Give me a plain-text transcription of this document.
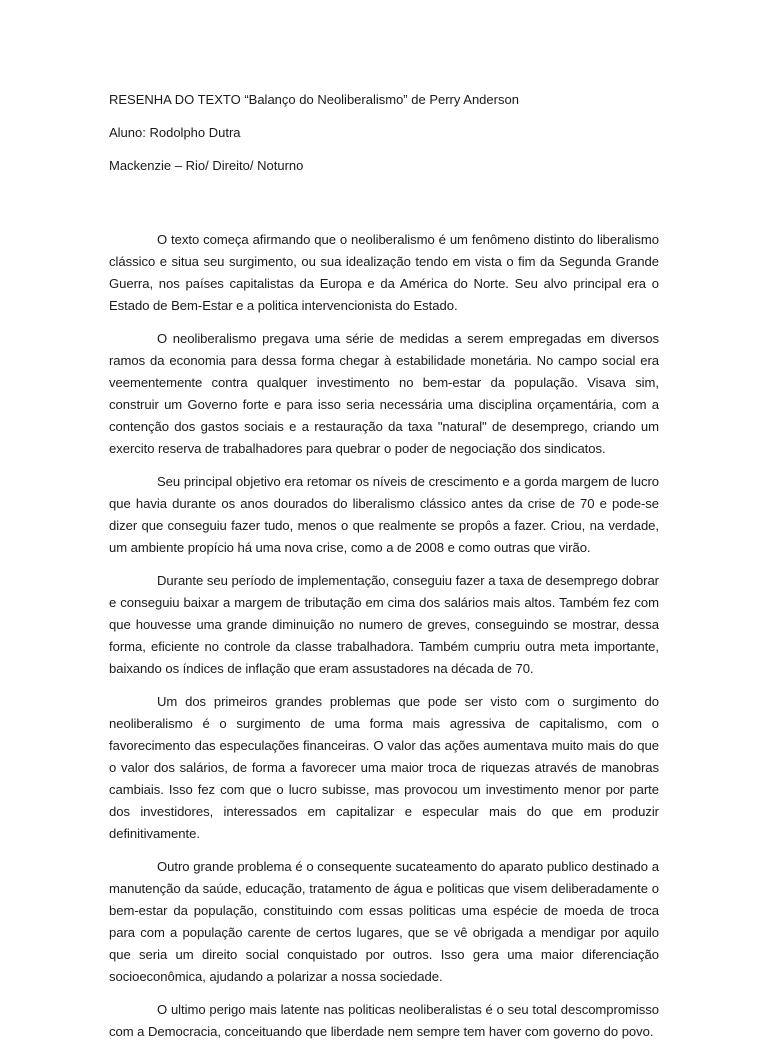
RESENHA DO TEXTO “Balanço do Neoliberalismo” de Perry Anderson
Aluno: Rodolpho Dutra
Mackenzie – Rio/ Direito/ Noturno

O texto começa afirmando que o neoliberalismo é um fenômeno distinto do liberalismo clássico e situa seu surgimento, ou sua idealização tendo em vista o fim da Segunda Grande Guerra, nos países capitalistas da Europa e da América do Norte. Seu alvo principal era o Estado de Bem-Estar e a politica intervencionista do Estado.

O neoliberalismo pregava uma série de medidas a serem empregadas em diversos ramos da economia para dessa forma chegar à estabilidade monetária. No campo social era veementemente contra qualquer investimento no bem-estar da população. Visava sim, construir um Governo forte e para isso seria necessária uma disciplina orçamentária, com a contenção dos gastos sociais e a restauração da taxa "natural" de desemprego, criando um exercito reserva de trabalhadores para quebrar o poder de negociação dos sindicatos.

Seu principal objetivo era retomar os níveis de crescimento e a gorda margem de lucro que havia durante os anos dourados do liberalismo clássico antes da crise de 70 e pode-se dizer que conseguiu fazer tudo, menos o que realmente se propôs a fazer. Criou, na verdade, um ambiente propício há uma nova crise, como a de 2008 e como outras que virão.

Durante seu período de implementação, conseguiu fazer a taxa de desemprego dobrar e conseguiu baixar a margem de tributação em cima dos salários mais altos. Também fez com que houvesse uma grande diminuição no numero de greves, conseguindo se mostrar, dessa forma, eficiente no controle da classe trabalhadora. Também cumpriu outra meta importante, baixando os índices de inflação que eram assustadores na década de 70.

Um dos primeiros grandes problemas que pode ser visto com o surgimento do neoliberalismo é o surgimento de uma forma mais agressiva de capitalismo, com o favorecimento das especulações financeiras. O valor das ações aumentava muito mais do que o valor dos salários, de forma a favorecer uma maior troca de riquezas através de manobras cambiais. Isso fez com que o lucro subisse, mas provocou um investimento menor por parte dos investidores, interessados em capitalizar e especular mais do que em produzir definitivamente.

Outro grande problema é o consequente sucateamento do aparato publico destinado a manutenção da saúde, educação, tratamento de água e politicas que visem deliberadamente o bem-estar da população, constituindo com essas politicas uma espécie de moeda de troca para com a população carente de certos lugares, que se vê obrigada a mendigar por aquilo que seria um direito social conquistado por outros. Isso gera uma maior diferenciação socioeconômica, ajudando a polarizar a nossa sociedade.

O ultimo perigo mais latente nas politicas neoliberalistas é o seu total descompromisso com a Democracia, conceituando que liberdade nem sempre tem haver com governo do povo.
